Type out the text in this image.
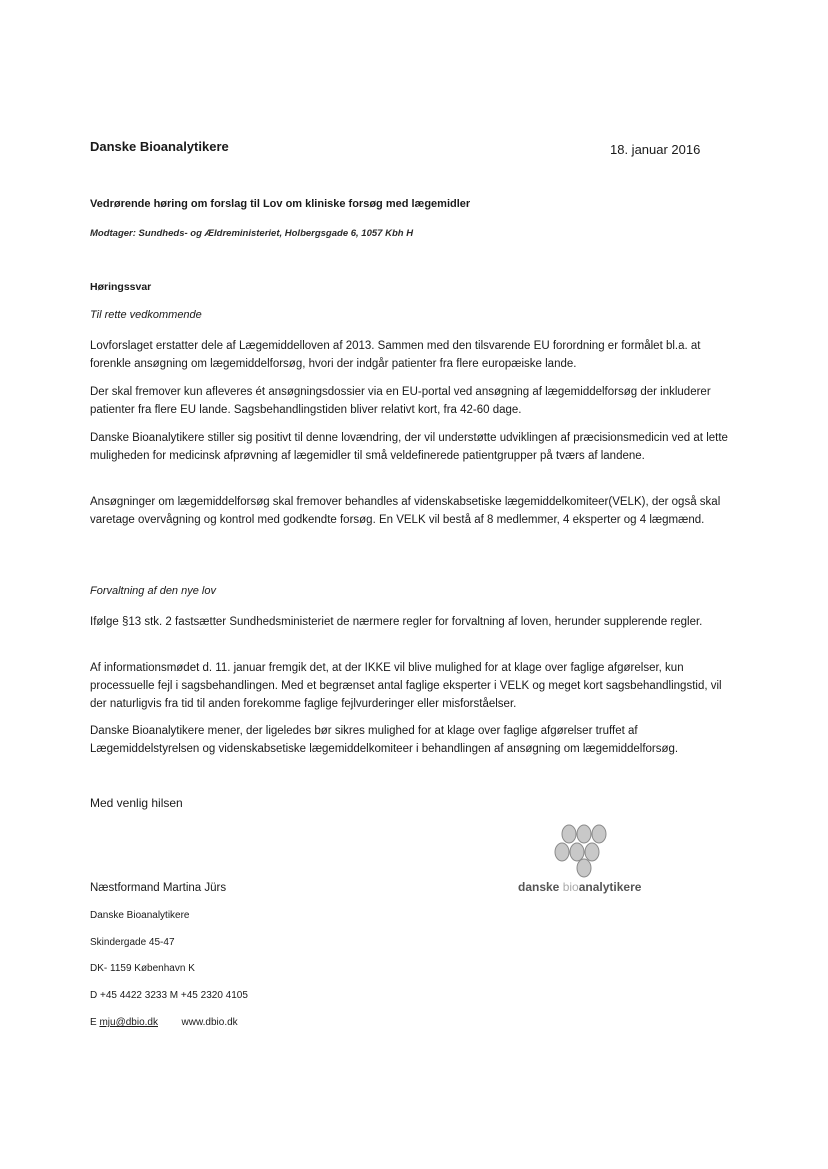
Danske Bioanalytikere	18. januar 2016
Vedrørende høring om forslag til Lov om kliniske forsøg med lægemidler
Modtager: Sundheds- og Ældreministeriet, Holbergsgade 6, 1057 Kbh H
Høringssvar
Til rette vedkommende

Lovforslaget erstatter dele af Lægemiddelloven af 2013. Sammen med den tilsvarende EU forordning er formålet bl.a. at forenkle ansøgning om lægemiddelforsøg, hvori der indgår patienter fra flere europæiske lande.

Der skal fremover kun afleveres ét ansøgningsdossier via en EU-portal ved ansøgning af lægemiddelforsøg der inkluderer patienter fra flere EU lande. Sagsbehandlingstiden bliver relativt kort, fra 42-60 dage.

Danske Bioanalytikere stiller sig positivt til denne lovændring, der vil understøtte udviklingen af præcisionsmedicin ved at lette muligheden for medicinsk afprøvning af lægemidler til små veldefinerede patientgrupper på tværs af landene.

Ansøgninger om lægemiddelforsøg skal fremover behandles af videnskabsetiske lægemiddelkomiteer(VELK), der også skal varetage overvågning og kontrol med godkendte forsøg. En VELK vil bestå af 8 medlemmer, 4 eksperter og 4 lægmænd.

Forvaltning af den nye lov

Ifølge §13 stk. 2 fastsætter Sundhedsministeriet de nærmere regler for forvaltning af loven, herunder supplerende regler.

Af informationsmødet d. 11. januar fremgik det, at der IKKE vil blive mulighed for at klage over faglige afgørelser, kun processuelle fejl i sagsbehandlingen. Med et begrænset antal faglige eksperter i VELK og meget kort sagsbehandlingstid, vil der naturligvis fra tid til anden forekomme faglige fejlvurderinger eller misforståelser.

Danske Bioanalytikere mener, der ligeledes bør sikres mulighed for at klage over faglige afgørelser truffet af Lægemiddelstyrelsen og videnskabsetiske lægemiddelkomiteer i behandlingen af ansøgning om lægemiddelforsøg.

Med venlig hilsen
Næstformand Martina Jürs
Danske Bioanalytikere
Skindergade 45-47
DK- 1159 København K
D +45 4422 3233 M +45 2320 4105
E mju@dbio.dk www.dbio.dk
danske bioanalytikere
